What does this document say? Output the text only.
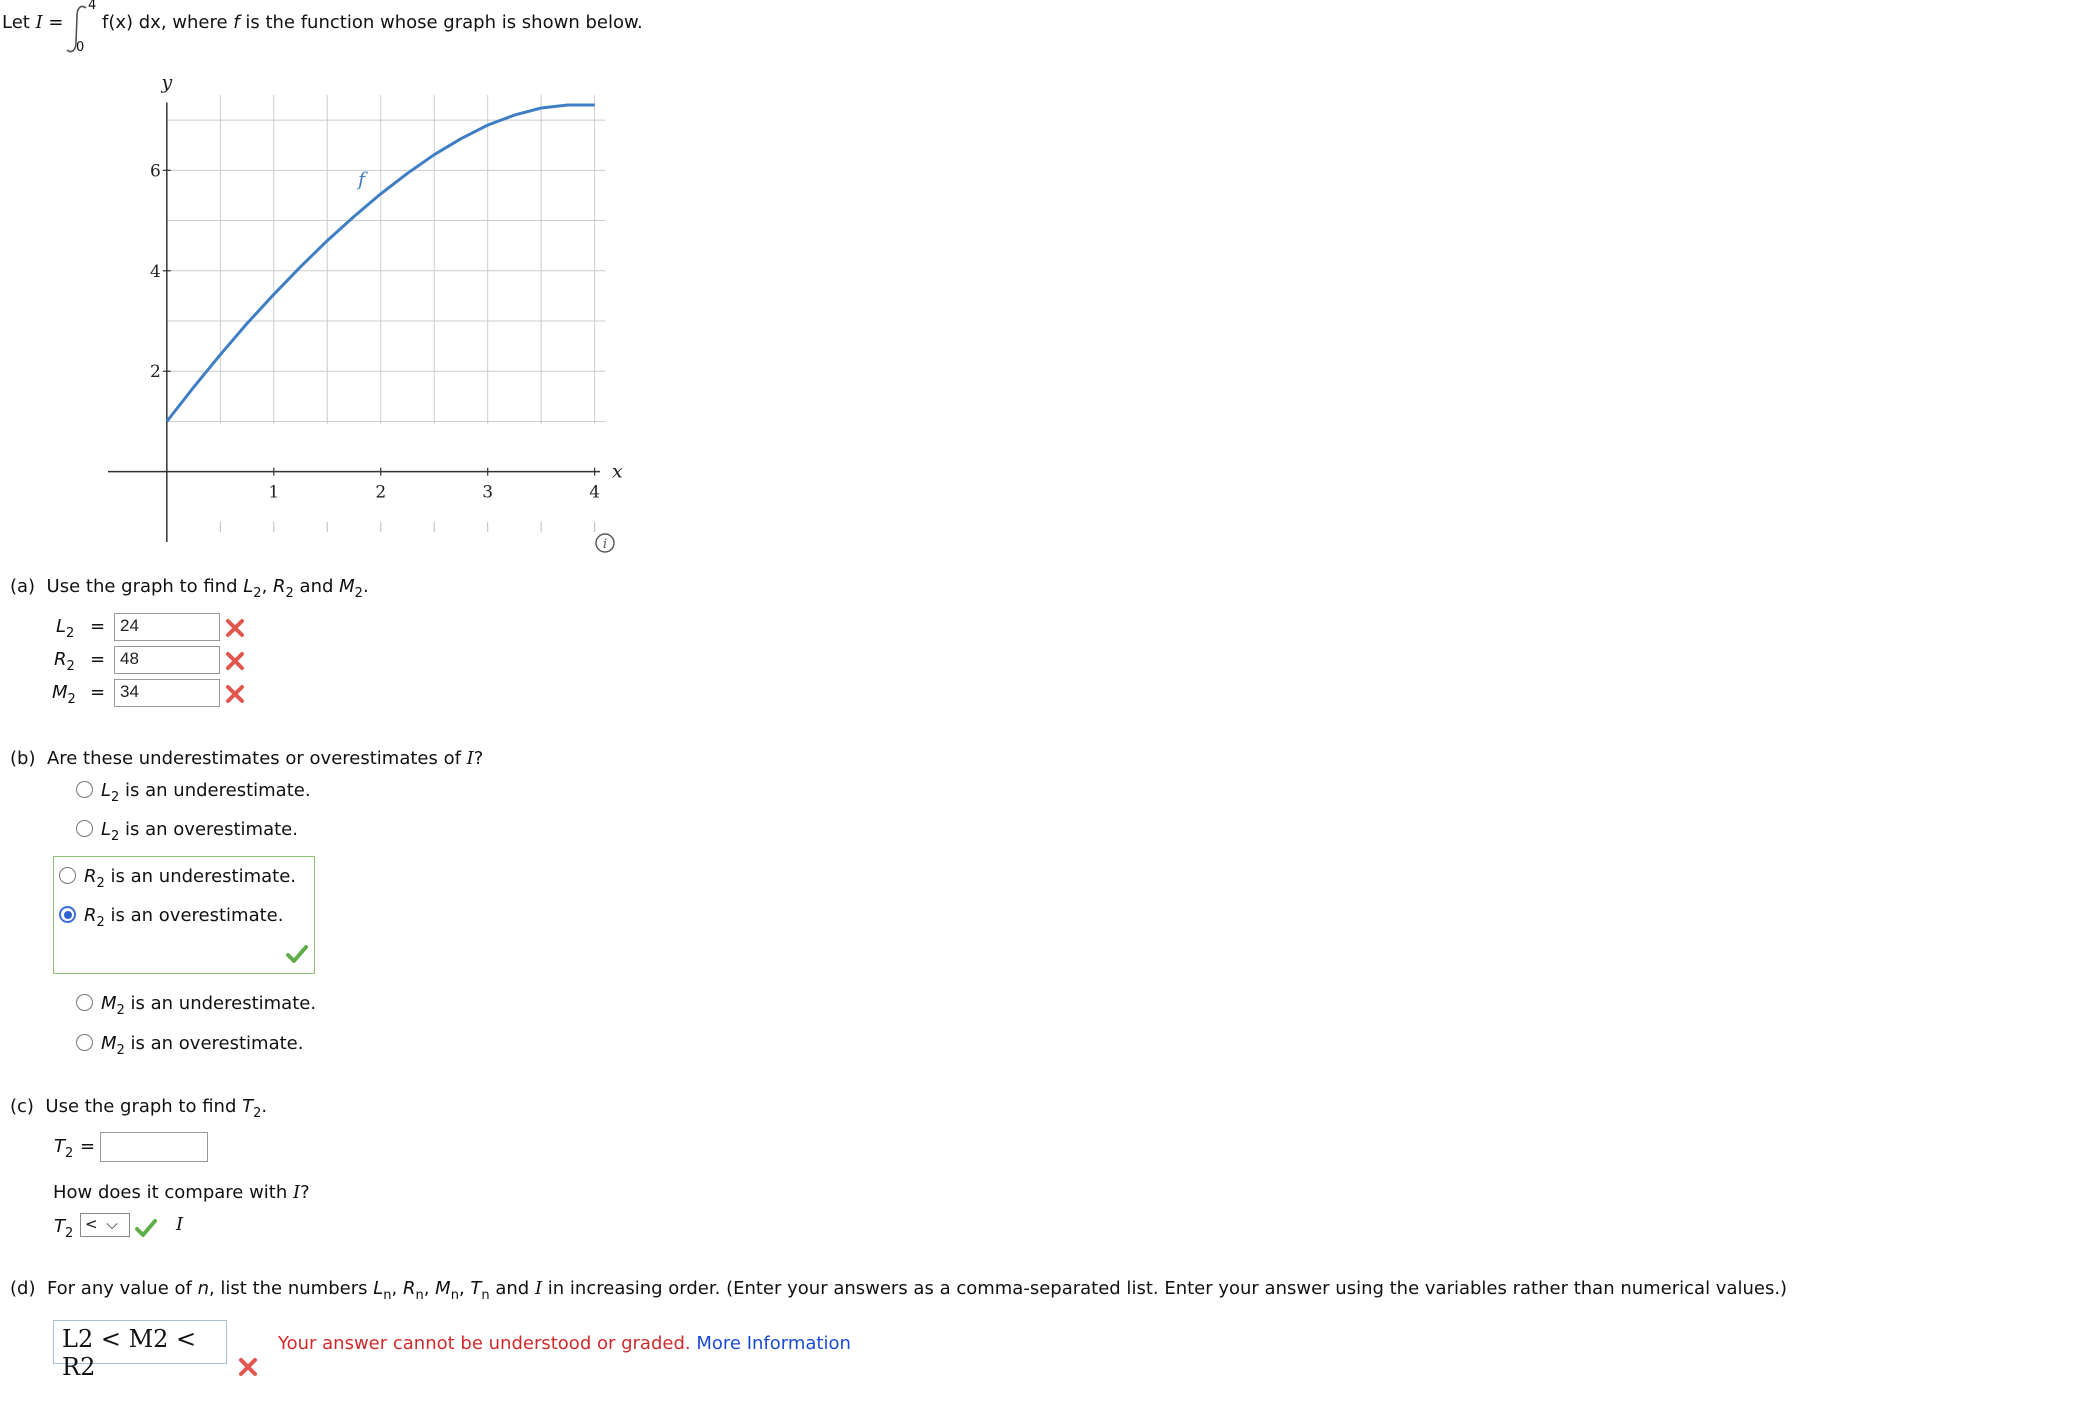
Let I =
4
0
f(x) dx, where f is the function whose graph is shown below.
1	2	3	4
2
4
6
x
y
f
i
(a) Use the graph to find $L_2$, $R_2$ and $M_2$.
$L_2 = 24$
$R_2 = 48$
$M_2 = 34$
(b) Are these underestimates or overestimates of I?
$L_2$ is an underestimate.
$L_2$ is an overestimate.
$R_2$ is an underestimate.
$R_2$ is an overestimate.
$M_2$ is an underestimate.
$M_2$ is an overestimate.
(c) Use the graph to find $T_2$.
$T_2$ =
How does it compare with I?
$T_2$
< ⌵	I
(d) For any value of n, list the numbers $L_n$, $R_n$, $M_n$, $T_n$ and I in increasing order. (Enter your answers as a comma-separated list. Enter your answer using the variables rather than numerical values.)
L2 < M2 < R2
Your answer cannot be understood or graded. More Information
